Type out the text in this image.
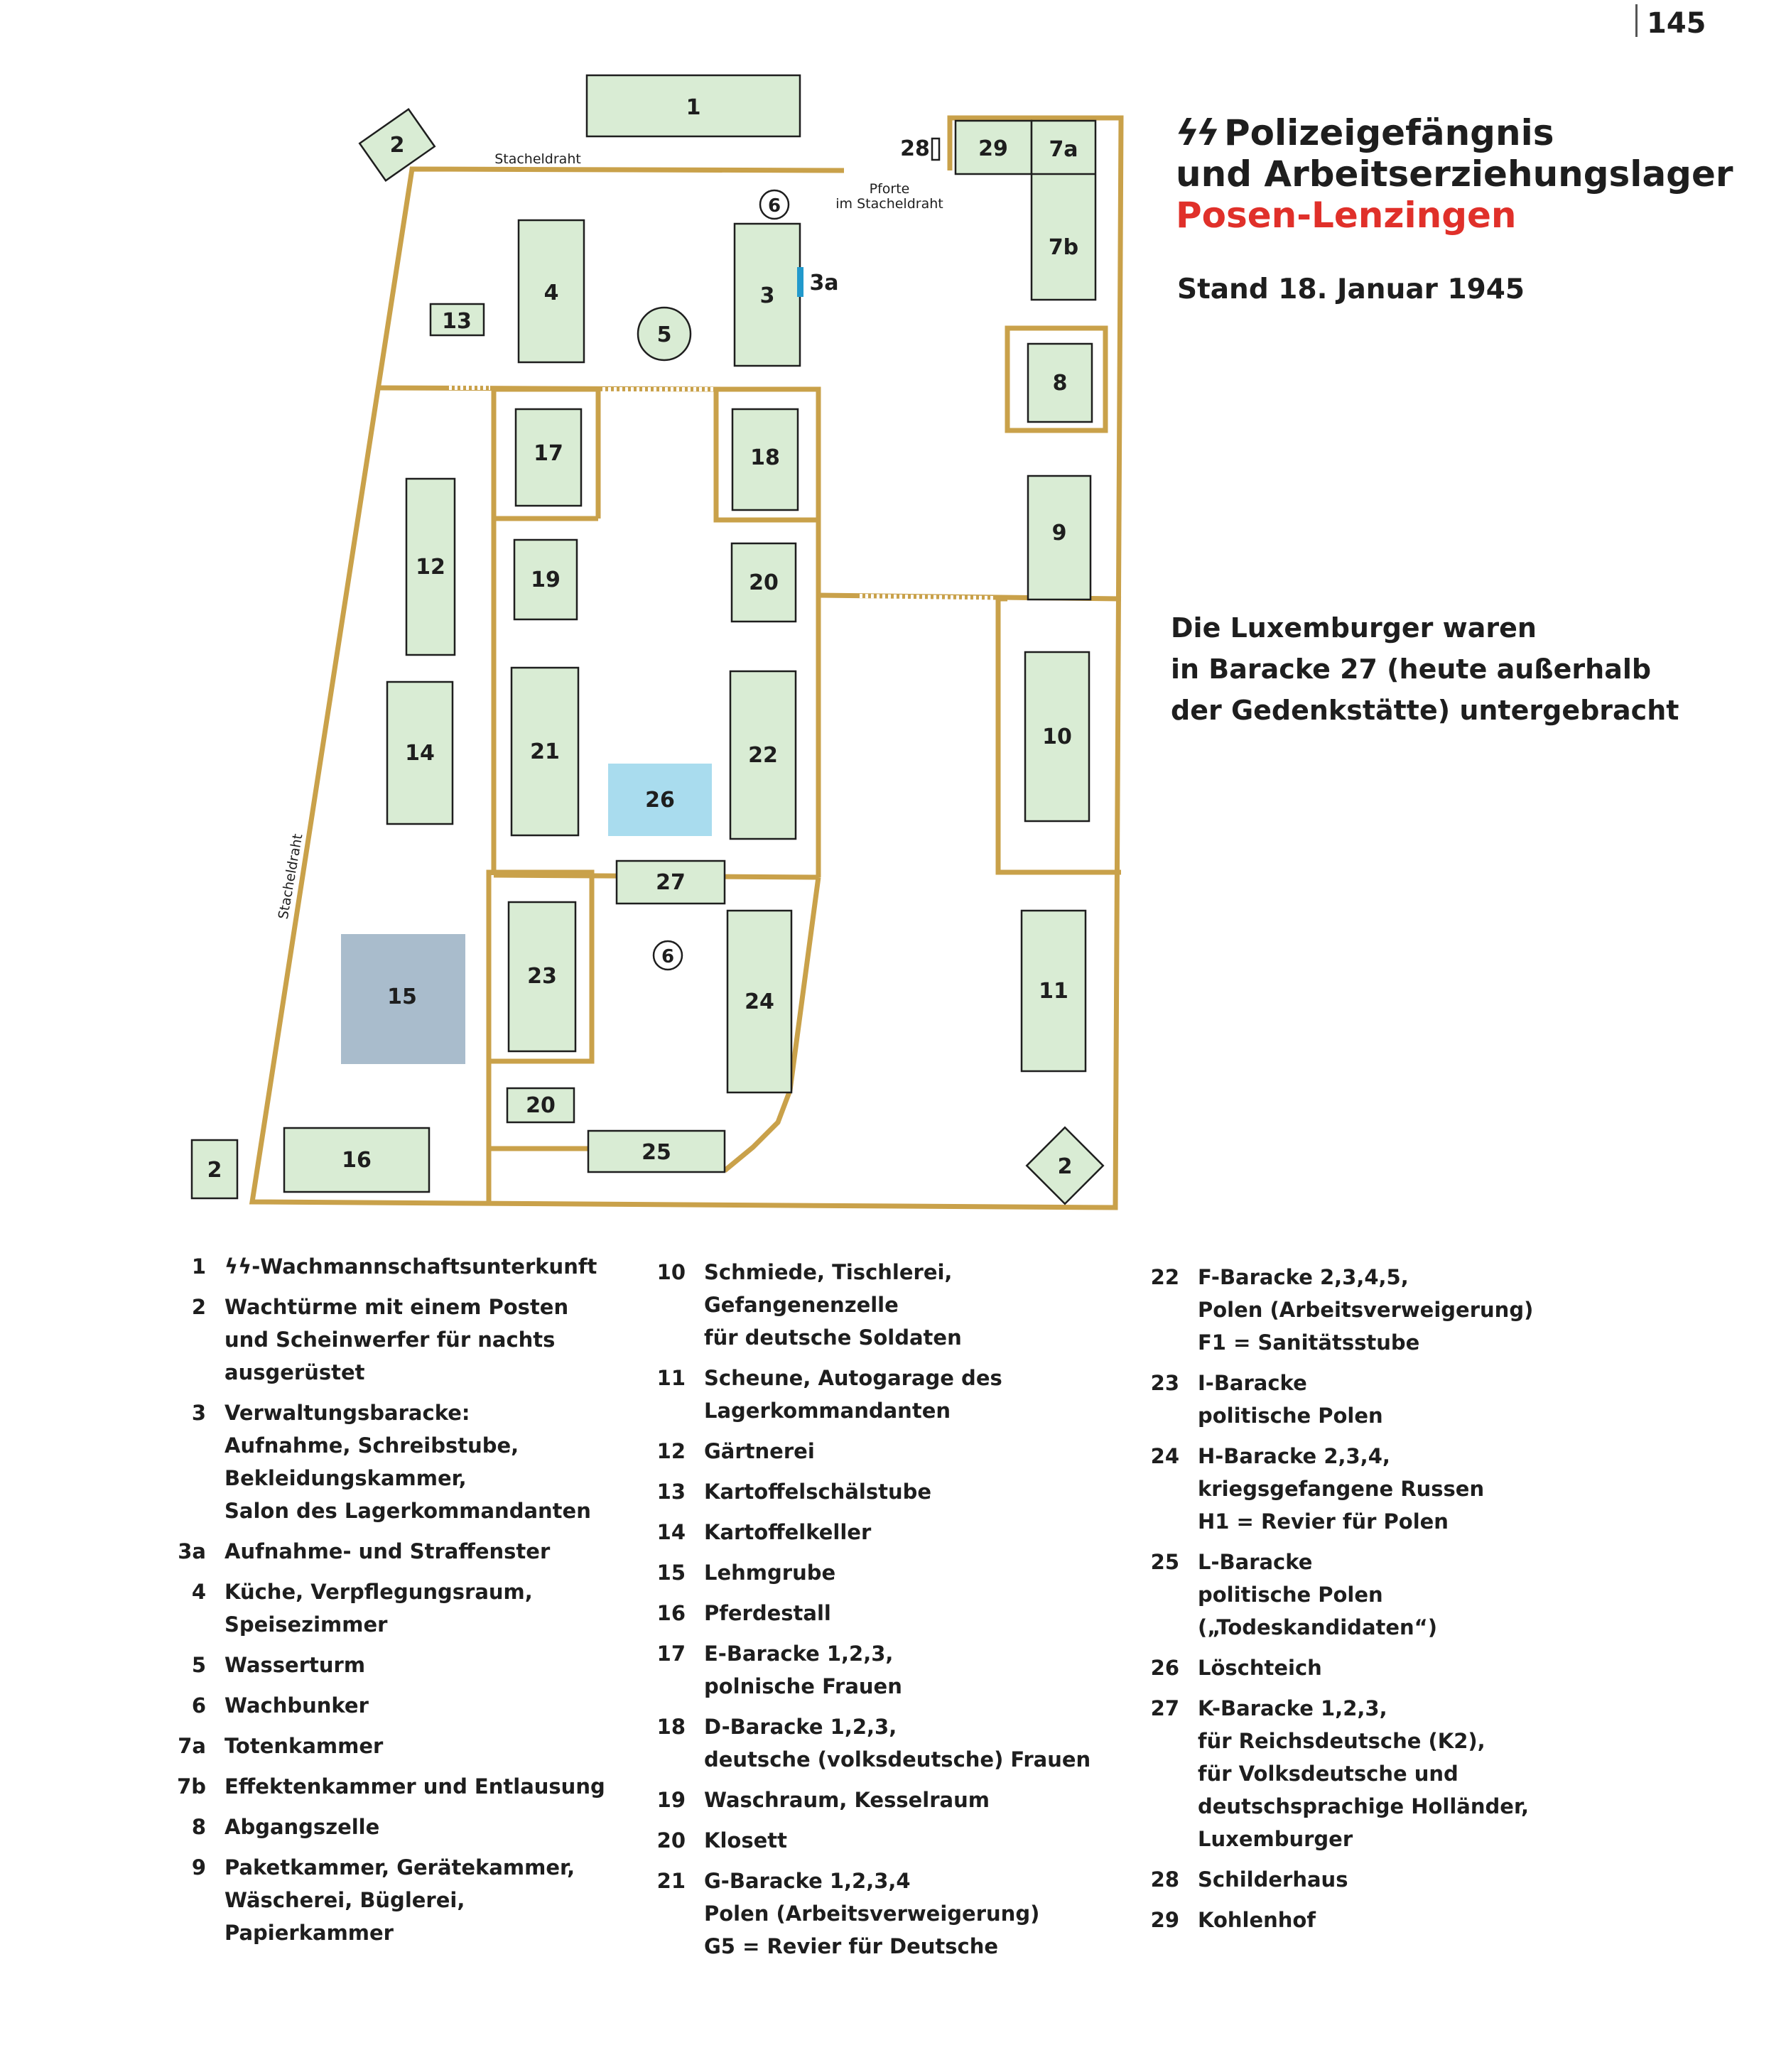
145
ϟϟ Polizeigefängnis
und Arbeitserziehungslager
Posen-Lenzingen
Stand 18. Januar 1945
Die Luxemburger waren
in Baracke 27 (heute außerhalb
der Gedenkstätte) untergebracht
1
28 29 7a
7b
13
4
5
3
3a
6
8
17	18
12
19	20
9
14	21	22
26
10
27
6
15
23
24	11
20
16	25
2
2
2
Stacheldraht
Pforte
im Stacheldraht
Stacheldraht
1 ϟϟ-Wachmannschaftsunterkunft
2 Wachtürme mit einem Posten
und Scheinwerfer für nachts
ausgerüstet
3 Verwaltungsbaracke:
Aufnahme, Schreibstube,
Bekleidungskammer,
Salon des Lagerkommandanten
3a Aufnahme- und Straffenster
4 Küche, Verpflegungsraum,
Speisezimmer
5 Wasserturm
6 Wachbunker
7a Totenkammer
7b Effektenkammer und Entlausung
8 Abgangszelle
9 Paketkammer, Gerätekammer,
Wäscherei, Büglerei,
Papierkammer
10 Schmiede, Tischlerei,
Gefangenenzelle
für deutsche Soldaten
11 Scheune, Autogarage des
Lagerkommandanten
12 Gärtnerei
13 Kartoffelschälstube
14 Kartoffelkeller
15 Lehmgrube
16 Pferdestall
17 E-Baracke 1,2,3,
polnische Frauen
18 D-Baracke 1,2,3,
deutsche (volksdeutsche) Frauen
19 Waschraum, Kesselraum
20 Klosett
21 G-Baracke 1,2,3,4
Polen (Arbeitsverweigerung)
G5 = Revier für Deutsche
22 F-Baracke 2,3,4,5,
Polen (Arbeitsverweigerung)
F1 = Sanitätsstube
23 I-Baracke
politische Polen
24 H-Baracke 2,3,4,
kriegsgefangene Russen
H1 = Revier für Polen
25 L-Baracke
politische Polen
(„Todeskandidaten“)
26 Löschteich
27 K-Baracke 1,2,3,
für Reichsdeutsche (K2),
für Volksdeutsche und
deutschsprachige Holländer,
Luxemburger
28 Schilderhaus
29 Kohlenhof
